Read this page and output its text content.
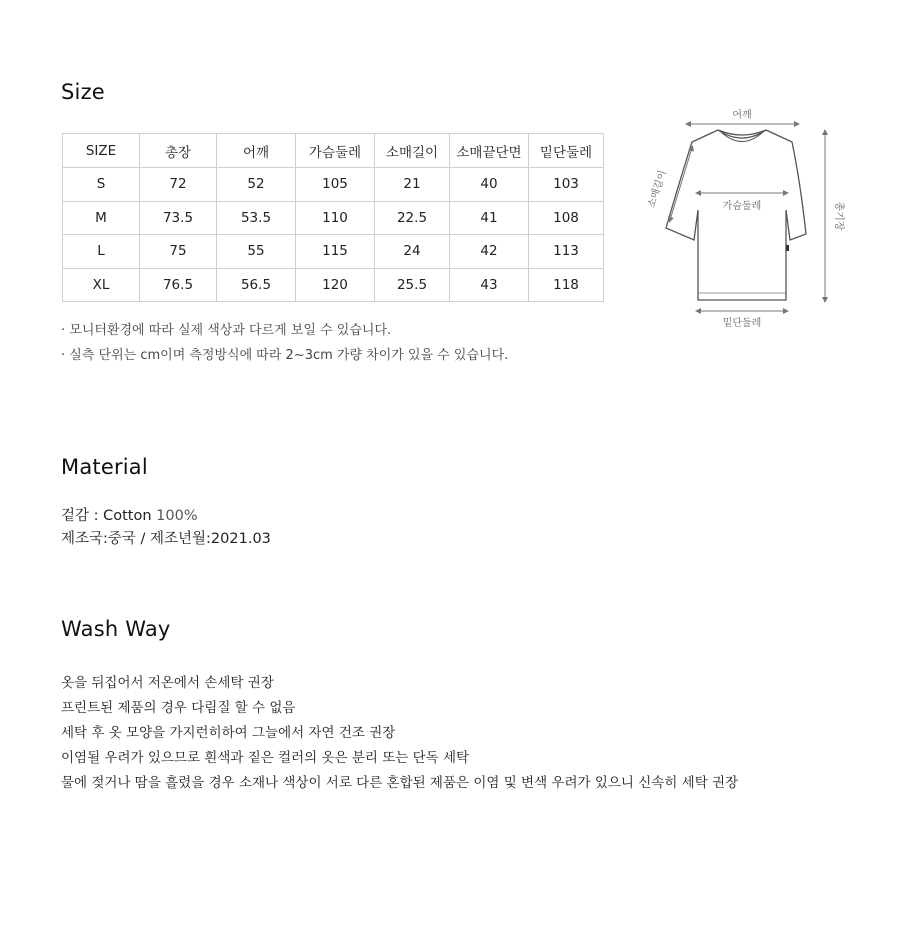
Size
SIZE	총장	어깨	가슴둘레	소매길이	소매끝단면	밑단둘레
S	72	52	105	21	40	103
M	73.5	53.5	110	22.5	41	108
L	75	55	115	24	42	113
XL	76.5	56.5	120	25.5	43	118
어깨
총기장
가슴둘레
소매길이
밑단둘레
· 모니터환경에 따라 실제 색상과 다르게 보일 수 있습니다.
· 실측 단위는 cm이며 측정방식에 따라 2~3cm 가량 차이가 있을 수 있습니다.
Material
겉감 : Cotton 100%
제조국:중국 / 제조년월:2021.03
Wash Way
옷을 뒤집어서 저온에서 손세탁 권장
프린트된 제품의 경우 다림질 할 수 없음
세탁 후 옷 모양을 가지런히하여 그늘에서 자연 건조 권장
이염될 우려가 있으므로 흰색과 짙은 컬러의 옷은 분리 또는 단독 세탁
물에 젖거나 땀을 흘렸을 경우 소재나 색상이 서로 다른 혼합된 제품은 이염 및 변색 우려가 있으니 신속히 세탁 권장
